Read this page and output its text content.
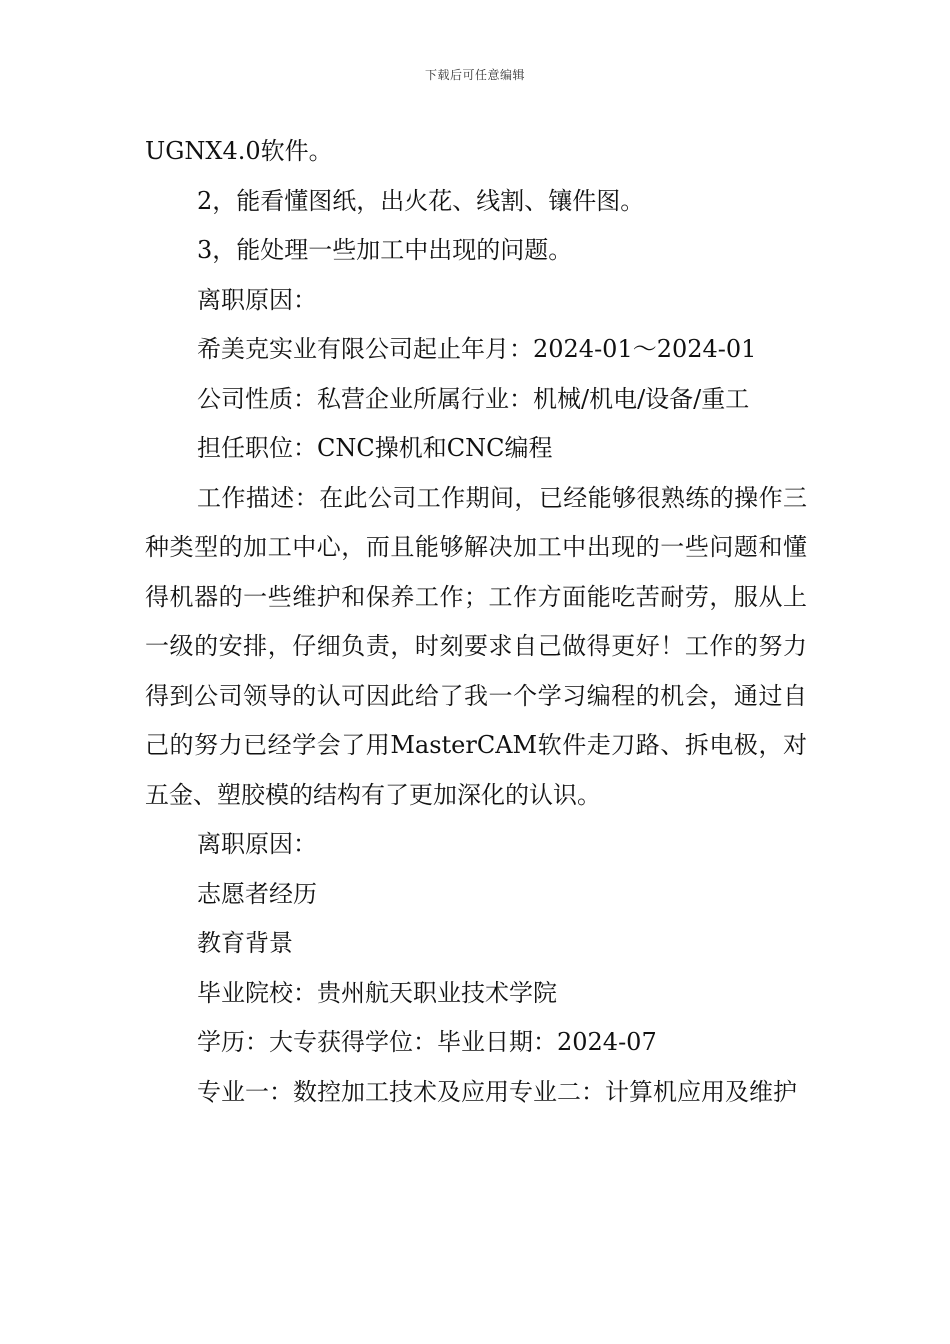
下载后可任意编辑

UGNX4.0软件。

2，能看懂图纸，出火花、线割、镶件图。

3，能处理一些加工中出现的问题。

离职原因：

希美克实业有限公司起止年月：2024-01～2024-01

公司性质：私营企业所属行业：机械/机电/设备/重工

担任职位：CNC操机和CNC编程

工作描述：在此公司工作期间，已经能够很熟练的操作三种类型的加工中心，而且能够解决加工中出现的一些问题和懂得机器的一些维护和保养工作；工作方面能吃苦耐劳，服从上一级的安排，仔细负责，时刻要求自己做得更好！工作的努力得到公司领导的认可因此给了我一个学习编程的机会，通过自己的努力已经学会了用MasterCAM软件走刀路、拆电极，对五金、塑胶模的结构有了更加深化的认识。

离职原因：

志愿者经历

教育背景

毕业院校：贵州航天职业技术学院

学历：大专获得学位：毕业日期：2024-07

专业一：数控加工技术及应用专业二：计算机应用及维护
